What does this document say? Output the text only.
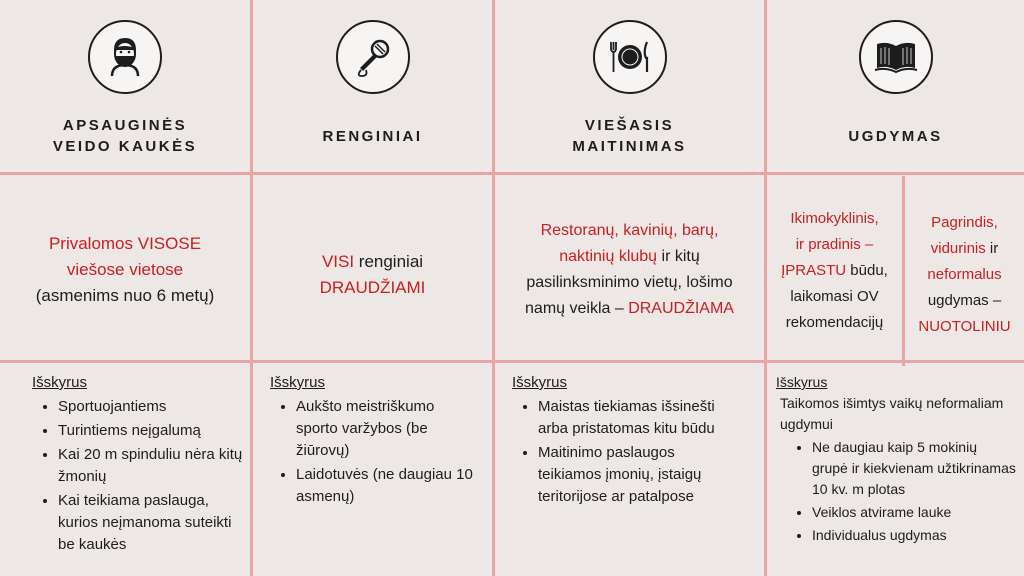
APSAUGINĖS
VEIDO KAUKĖS
RENGINIAI
VIEŠASIS
MAITINIMAS
UGDYMAS
Privalomos VISOSE
viešose vietose
(asmenims nuo 6 metų)
VISI renginiai
DRAUDŽIAMI
Restoranų, kavinių, barų,
naktinių klubų ir kitų
pasilinksminimo vietų, lošimo
namų veikla – DRAUDŽIAMA
Ikimokyklinis,
ir pradinis –
ĮPRASTU būdu,
laikomasi OV
rekomendacijų
Pagrindis,
vidurinis ir
neformalus
ugdymas –
NUOTOLINIU
Išskyrus
• Sportuojantiems
• Turintiems neįgalumą
• Kai 20 m spinduliu nėra kitų žmonių
• Kai teikiama paslauga, kurios neįmanoma suteikti be kaukės
Išskyrus
• Aukšto meistriškumo sporto varžybos (be žiūrovų)
• Laidotuvės (ne daugiau 10 asmenų)
Išskyrus
• Maistas tiekiamas išsinešti arba pristatomas kitu būdu
• Maitinimo paslaugos teikiamos įmonių, įstaigų teritorijose ar patalpose
Išskyrus
Taikomos išimtys vaikų neformaliam ugdymui
• Ne daugiau kaip 5 mokinių grupė ir kiekvienam užtikrinamas 10 kv. m plotas
• Veiklos atvirame lauke
• Individualus ugdymas
